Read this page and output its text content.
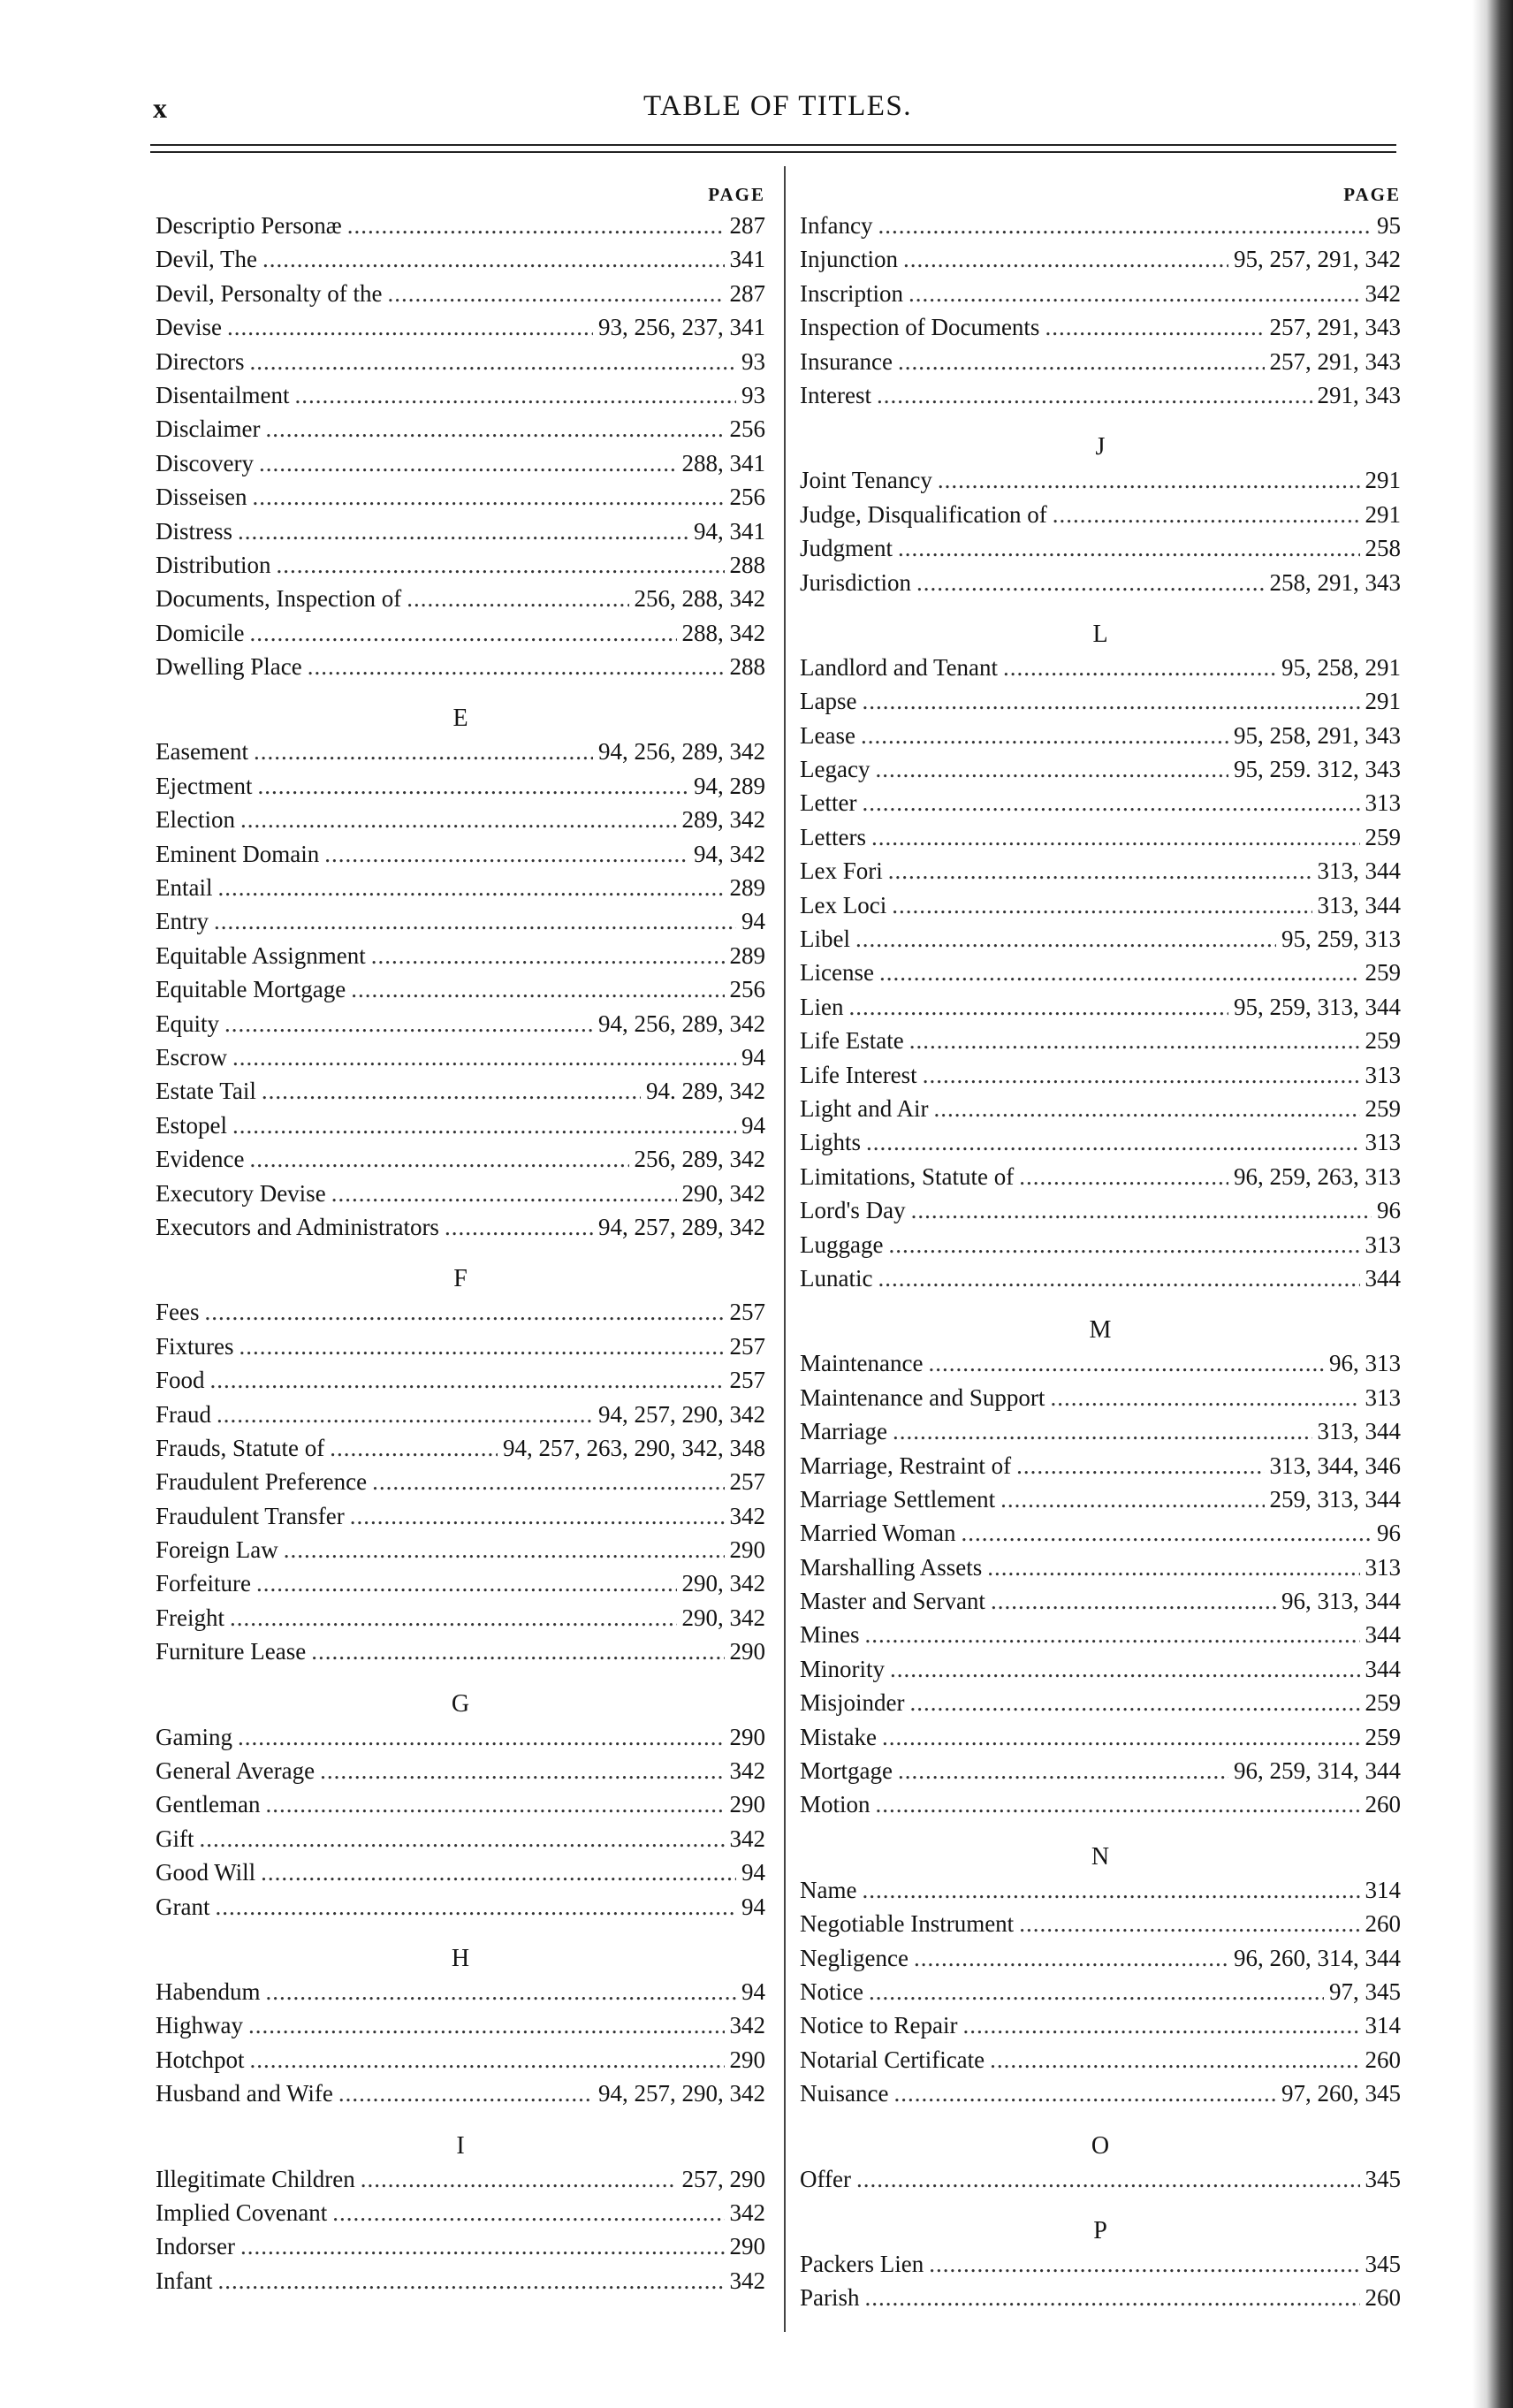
x	TABLE OF TITLES.
PAGE
Descriptio Personæ .....	287
Devil, The .....	341
Devil, Personalty of the .....	287
Devise .....	93, 256, 237, 341
Directors .....	93
Disentailment .....	93
Disclaimer .....	256
Discovery .....	288, 341
Disseisen .....	256
Distress .....	94, 341
Distribution .....	288
Documents, Inspection of .....	256, 288, 342
Domicile .....	288, 342
Dwelling Place .....	288
E
Easement .....	94, 256, 289, 342
Ejectment .....	94, 289
Election .....	289, 342
Eminent Domain .....	94, 342
Entail .....	289
Entry .....	94
Equitable Assignment .....	289
Equitable Mortgage .....	256
Equity .....	94, 256, 289, 342
Escrow .....	94
Estate Tail .....	94. 289, 342
Estopel .....	94
Evidence .....	256, 289, 342
Executory Devise .....	290, 342
Executors and Administrators .....	94, 257, 289, 342
F
Fees .....	257
Fixtures .....	257
Food .....	257
Fraud .....	94, 257, 290, 342
Frauds, Statute of .....	94, 257, 263, 290, 342, 348
Fraudulent Preference .....	257
Fraudulent Transfer .....	342
Foreign Law .....	290
Forfeiture .....	290, 342
Freight .....	290, 342
Furniture Lease .....	290
G
Gaming .....	290
General Average .....	342
Gentleman .....	290
Gift .....	342
Good Will .....	94
Grant .....	94
H
Habendum .....	94
Highway .....	342
Hotchpot .....	290
Husband and Wife .....	94, 257, 290, 342
I
Illegitimate Children .....	257, 290
Implied Covenant .....	342
Indorser .....	290
Infant .....	342
PAGE
Infancy .....	95
Injunction .....	95, 257, 291, 342
Inscription .....	342
Inspection of Documents .....	257, 291, 343
Insurance .....	257, 291, 343
Interest .....	291, 343
J
Joint Tenancy .....	291
Judge, Disqualification of .....	291
Judgment .....	258
Jurisdiction .....	258, 291, 343
L
Landlord and Tenant .....	95, 258, 291
Lapse .....	291
Lease .....	95, 258, 291, 343
Legacy .....	95, 259. 312, 343
Letter .....	313
Letters .....	259
Lex Fori .....	313, 344
Lex Loci .....	313, 344
Libel .....	95, 259, 313
License .....	259
Lien .....	95, 259, 313, 344
Life Estate .....	259
Life Interest .....	313
Light and Air .....	259
Lights .....	313
Limitations, Statute of .....	96, 259, 263, 313
Lord's Day .....	96
Luggage .....	313
Lunatic .....	344
M
Maintenance .....	96, 313
Maintenance and Support .....	313
Marriage .....	313, 344
Marriage, Restraint of .....	313, 344, 346
Marriage Settlement .....	259, 313, 344
Married Woman .....	96
Marshalling Assets .....	313
Master and Servant .....	96, 313, 344
Mines .....	344
Minority .....	344
Misjoinder .....	259
Mistake .....	259
Mortgage .....	96, 259, 314, 344
Motion .....	260
N
Name .....	314
Negotiable Instrument .....	260
Negligence .....	96, 260, 314, 344
Notice .....	97, 345
Notice to Repair .....	314
Notarial Certificate .....	260
Nuisance .....	97, 260, 345
O
Offer .....	345
P
Packers Lien .....	345
Parish .....	260
